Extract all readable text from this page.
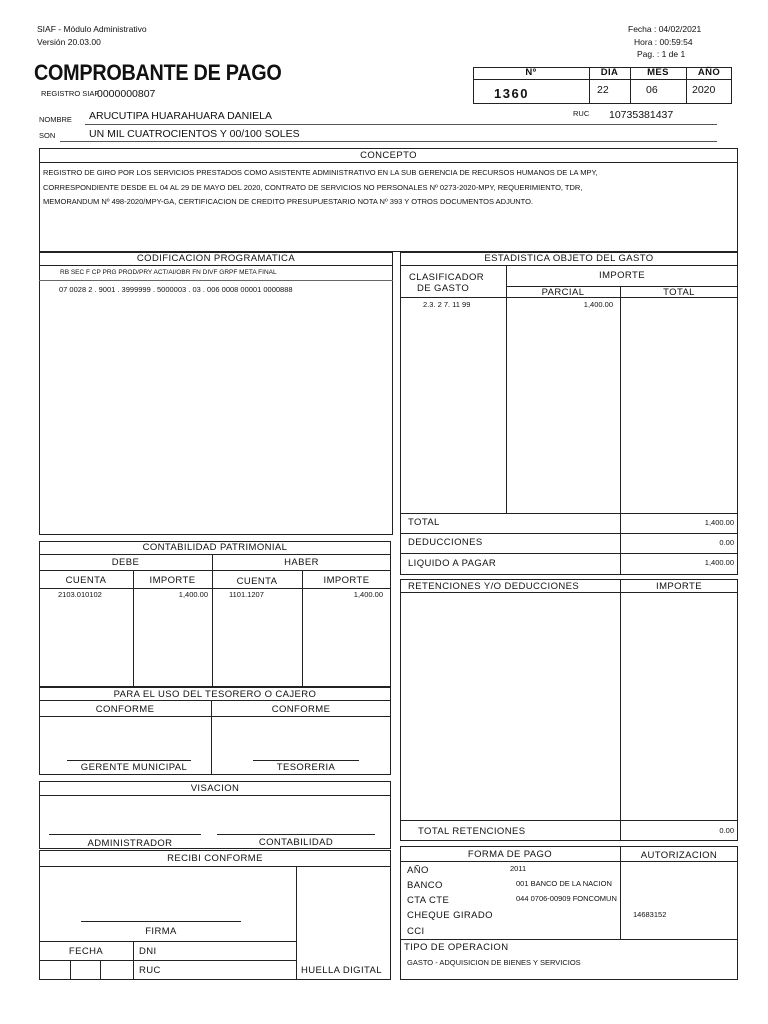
SIAF - Módulo Administrativo
Versión 20.03.00
Fecha : 04/02/2021
Hora : 00:59:54
Pag. : 1 de 1
COMPROBANTE DE PAGO
REGISTRO SIAF
0000000807
Nº	DIA	MES	AÑO
1360	22	06	2020
NOMBRE ARUCUTIPA HUARAHUARA DANIELA	RUC 10735381437
SON	UN MIL CUATROCIENTOS Y 00/100 SOLES
CONCEPTO
REGISTRO DE GIRO POR LOS SERVICIOS PRESTADOS COMO ASISTENTE ADMINISTRATIVO EN LA SUB GERENCIA DE RECURSOS HUMANOS DE LA MPY,
CORRESPONDIENTE DESDE EL 04 AL 29 DE MAYO DEL 2020, CONTRATO DE SERVICIOS NO PERSONALES Nº 0273-2020-MPY, REQUERIMIENTO, TDR,
MEMORANDUM Nº 498-2020/MPY-GA, CERTIFICACION DE CREDITO PRESUPUESTARIO NOTA Nº 393 Y OTROS DOCUMENTOS ADJUNTO.
CODIFICACION PROGRAMATICA
RB SEC F CP PRG PROD/PRY ACT/AI/OBR FN DIVF GRPF META FINAL
07 0028 2 . 9001 . 3999999 . 5000003 . 03 . 006 0008 00001 0000888
ESTADISTICA OBJETO DEL GASTO
CLASIFICADOR
DE GASTO
IMPORTE
PARCIAL	TOTAL
2.3. 2 7. 11 99	1,400.00
TOTAL	1,400.00
DEDUCCIONES	0.00
LIQUIDO A PAGAR	1,400.00
CONTABILIDAD PATRIMONIAL
DEBE	HABER
CUENTA	IMPORTE	CUENTA	IMPORTE
2103.010102	1,400.00	1101.1207	1,400.00
PARA EL USO DEL TESORERO O CAJERO
CONFORME	CONFORME
GERENTE MUNICIPAL	TESORERIA
VISACION
ADMINISTRADOR	CONTABILIDAD
RECIBI CONFORME
FIRMA
FECHA	DNI
RUC	HUELLA DIGITAL
RETENCIONES Y/O DEDUCCIONES	IMPORTE
TOTAL RETENCIONES	0.00
FORMA DE PAGO	AUTORIZACION
AÑO	2011
BANCO	001 BANCO DE LA NACION
CTA CTE	044 0706-00909 FONCOMUN
CHEQUE GIRADO	14683152
CCI
TIPO DE OPERACION
GASTO - ADQUISICION DE BIENES Y SERVICIOS
